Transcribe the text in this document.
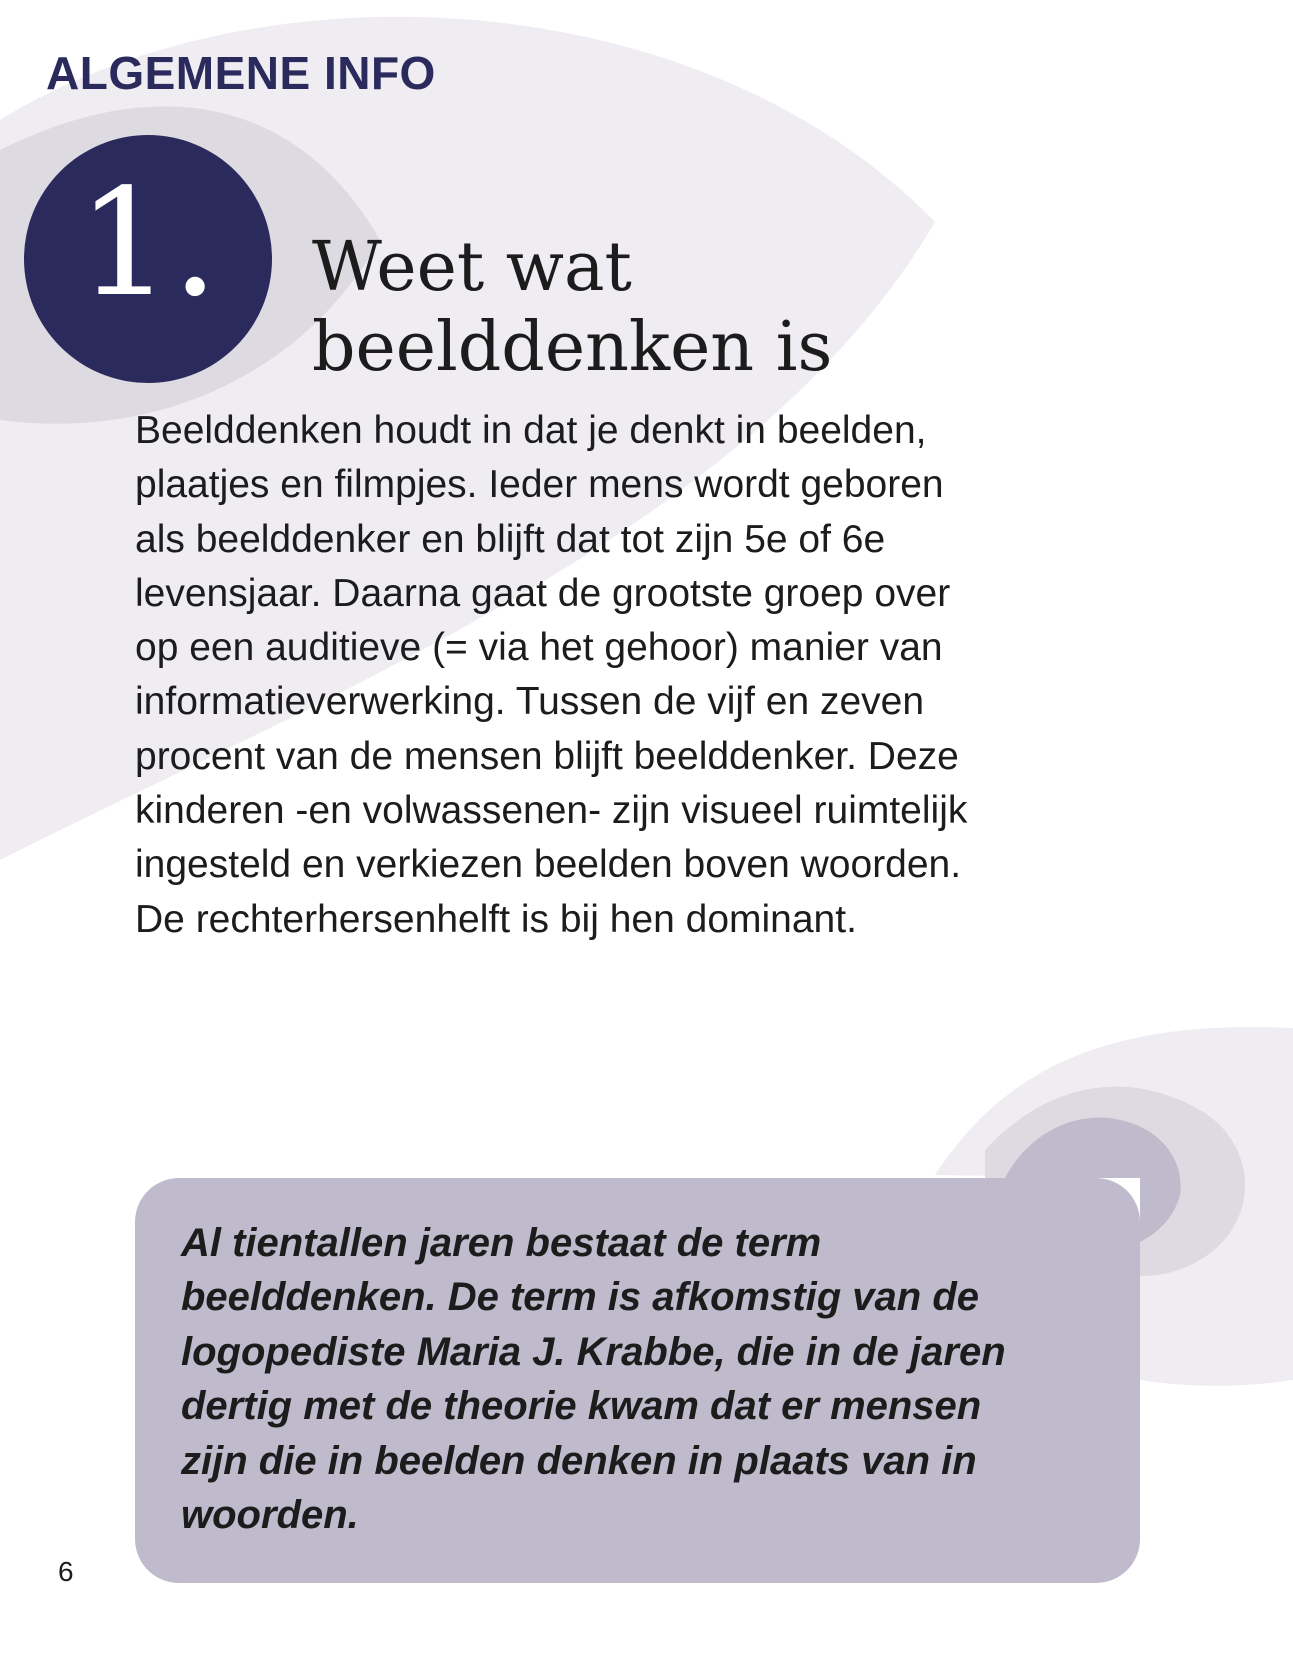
ALGEMENE INFO
1.	Weet wat
beelddenken is

Beelddenken houdt in dat je denkt in beelden,
plaatjes en filmpjes. Ieder mens wordt geboren
als beelddenker en blijft dat tot zijn 5e of 6e
levensjaar. Daarna gaat de grootste groep over
op een auditieve (= via het gehoor) manier van
informatieverwerking. Tussen de vijf en zeven
procent van de mensen blijft beelddenker. Deze
kinderen -en volwassenen- zijn visueel ruimtelijk
ingesteld en verkiezen beelden boven woorden.
De rechterhersenhelft is bij hen dominant.

Al tientallen jaren bestaat de term
beelddenken. De term is afkomstig van de
logopediste Maria J. Krabbe, die in de jaren
dertig met de theorie kwam dat er mensen
zijn die in beelden denken in plaats van in
woorden.

6
